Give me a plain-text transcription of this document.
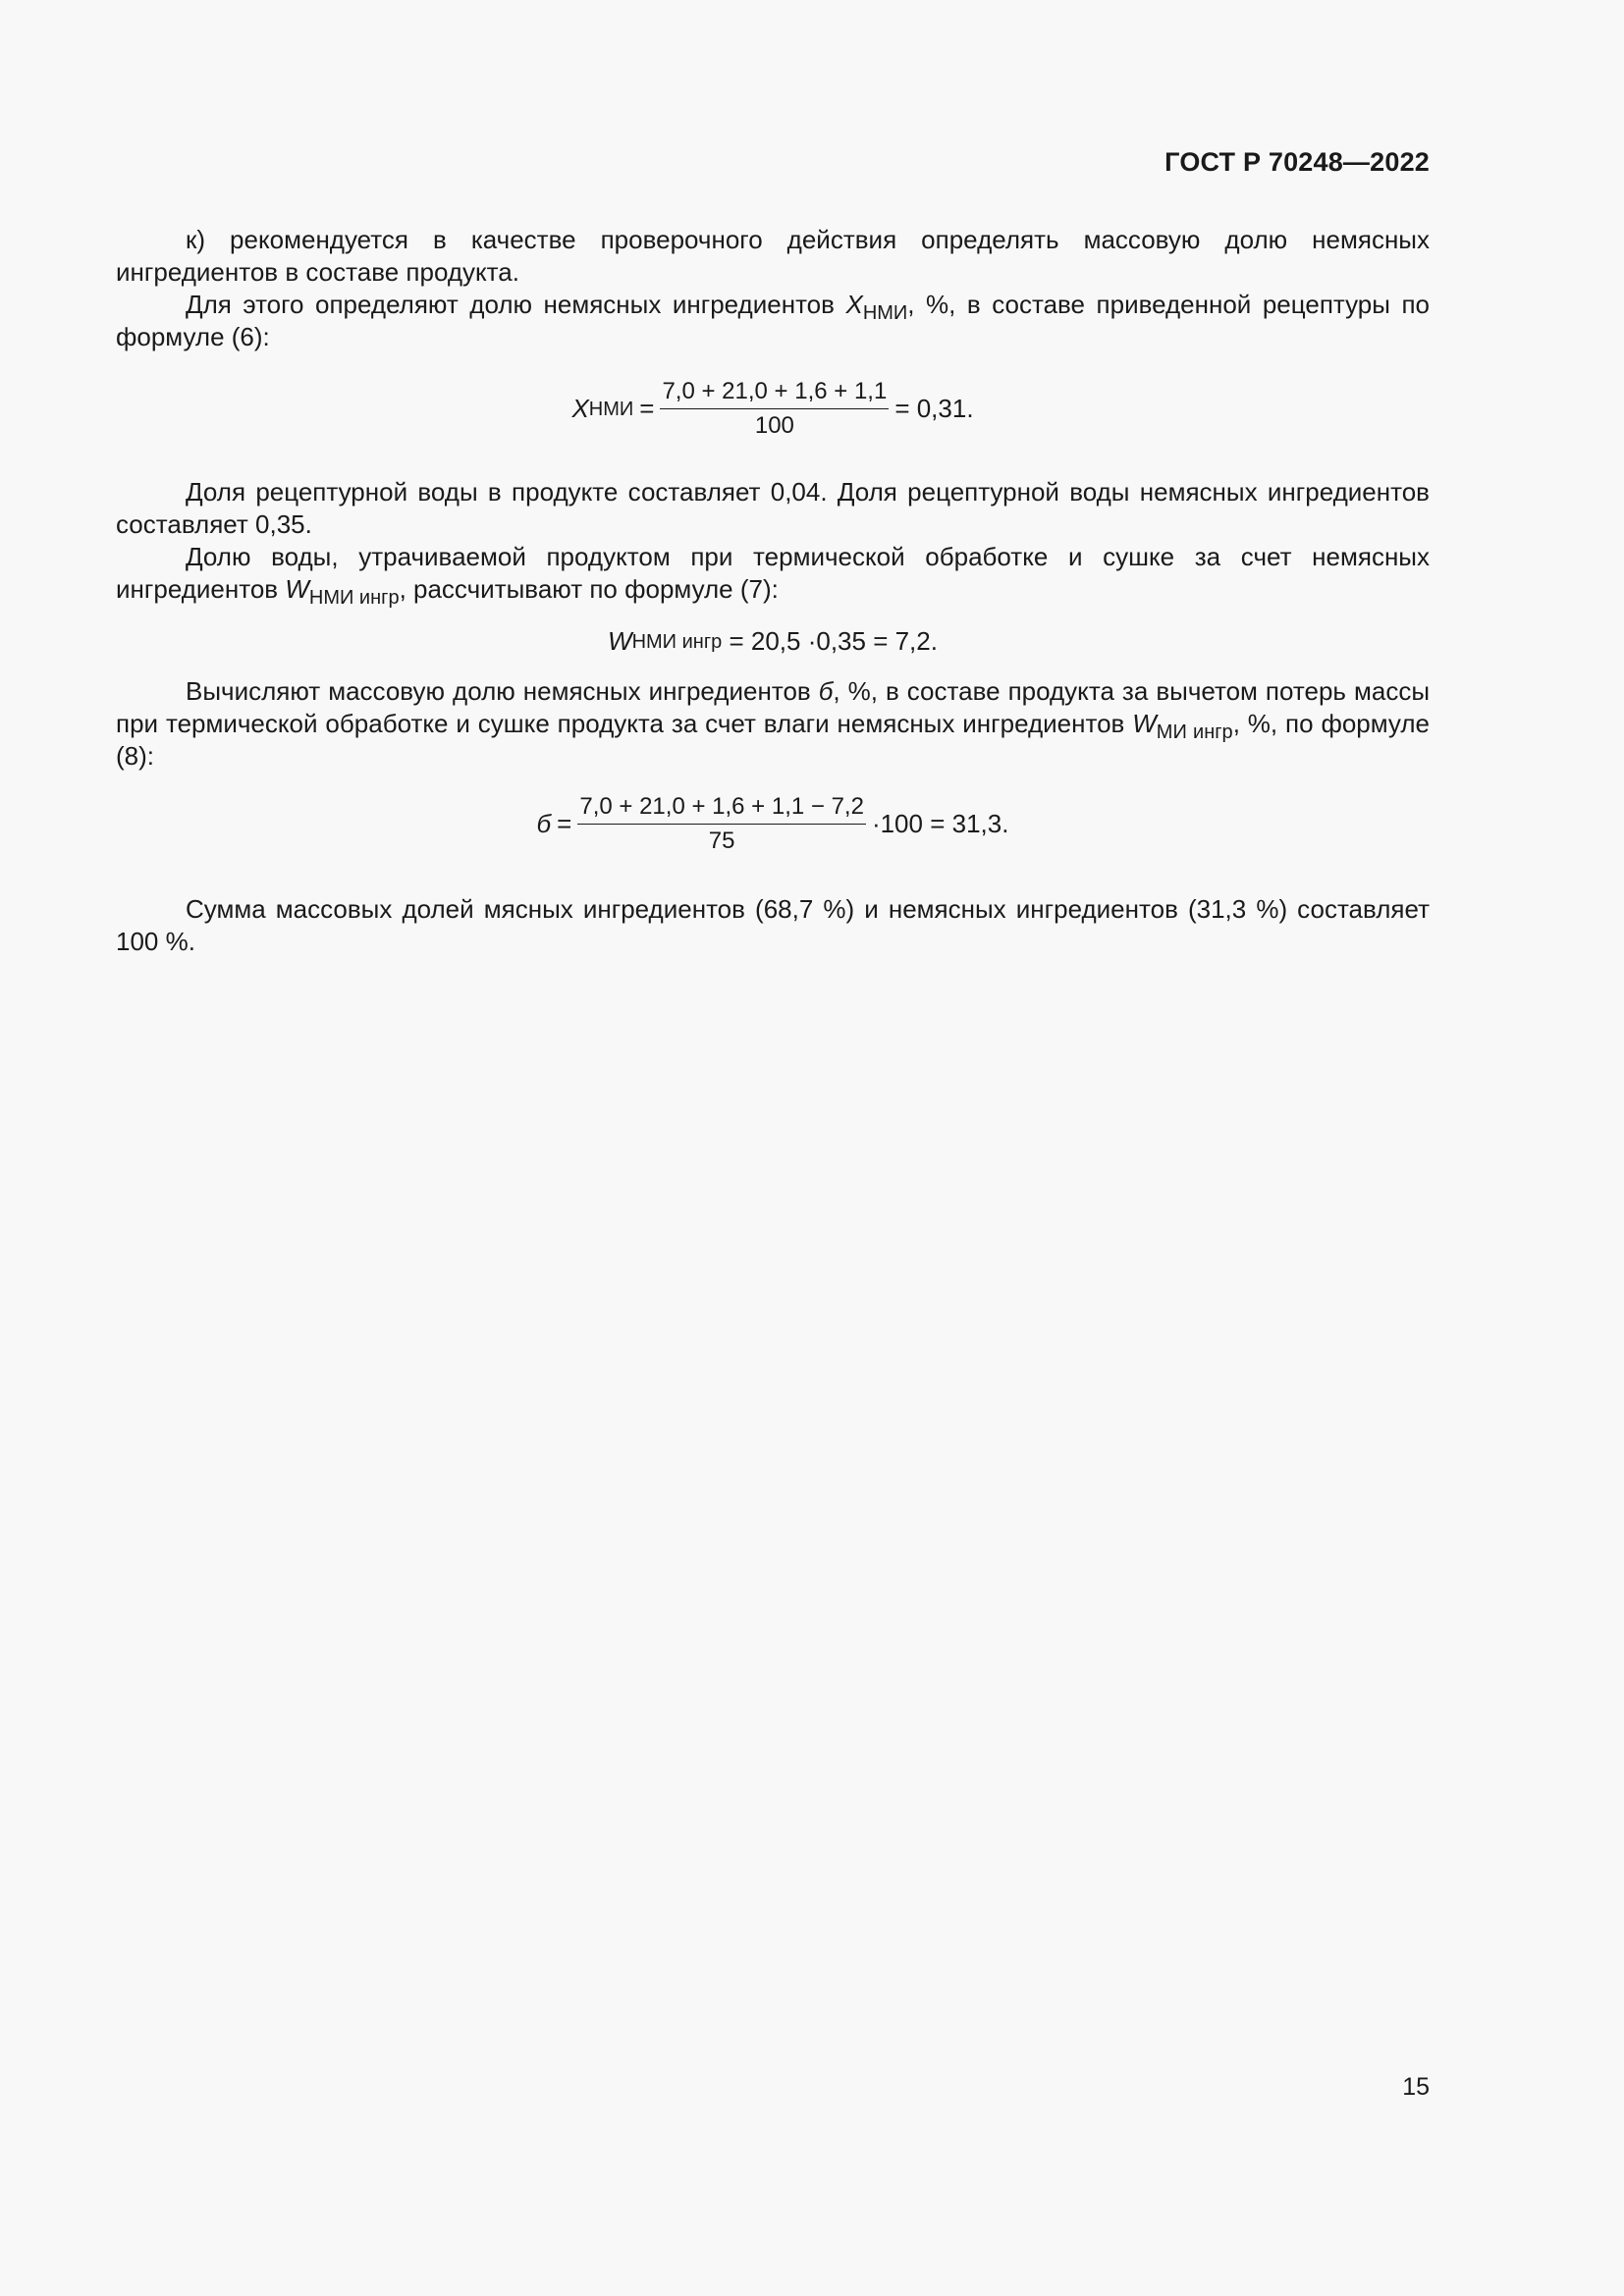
ГОСТ Р 70248—2022

к) рекомендуется в качестве проверочного действия определять массовую долю немясных ингредиентов в составе продукта.

Для этого определяют долю немясных ингредиентов $X_{НМИ}$, %, в составе приведенной рецептуры по формуле (6):

X НМИ = $\frac{7,0 + 21,0 + 1,6 + 1,1}{100} = 0,31$.

Доля рецептурной воды в продукте составляет 0,04. Доля рецептурной воды немясных ингредиентов составляет 0,35.

Долю воды, утрачиваемой продуктом при термической обработке и сушке за счет немясных ингредиентов $W_{НМИ ингр}$, рассчитывают по формуле (7):

W НМИ ингр = 20,5 ·0,35 = 7,2.

Вычисляют массовую долю немясных ингредиентов б, %, в составе продукта за вычетом потерь массы при термической обработке и сушке продукта за счет влаги немясных ингредиентов $W_{МИ ингр}$, %, по формуле (8):

$б = \frac{7,0 + 21,0 + 1,6 + 1,1 - 7,2}{75} \cdot 100 = 31,3$.

Сумма массовых долей мясных ингредиентов (68,7 %) и немясных ингредиентов (31,3 %) составляет 100 %.

15
